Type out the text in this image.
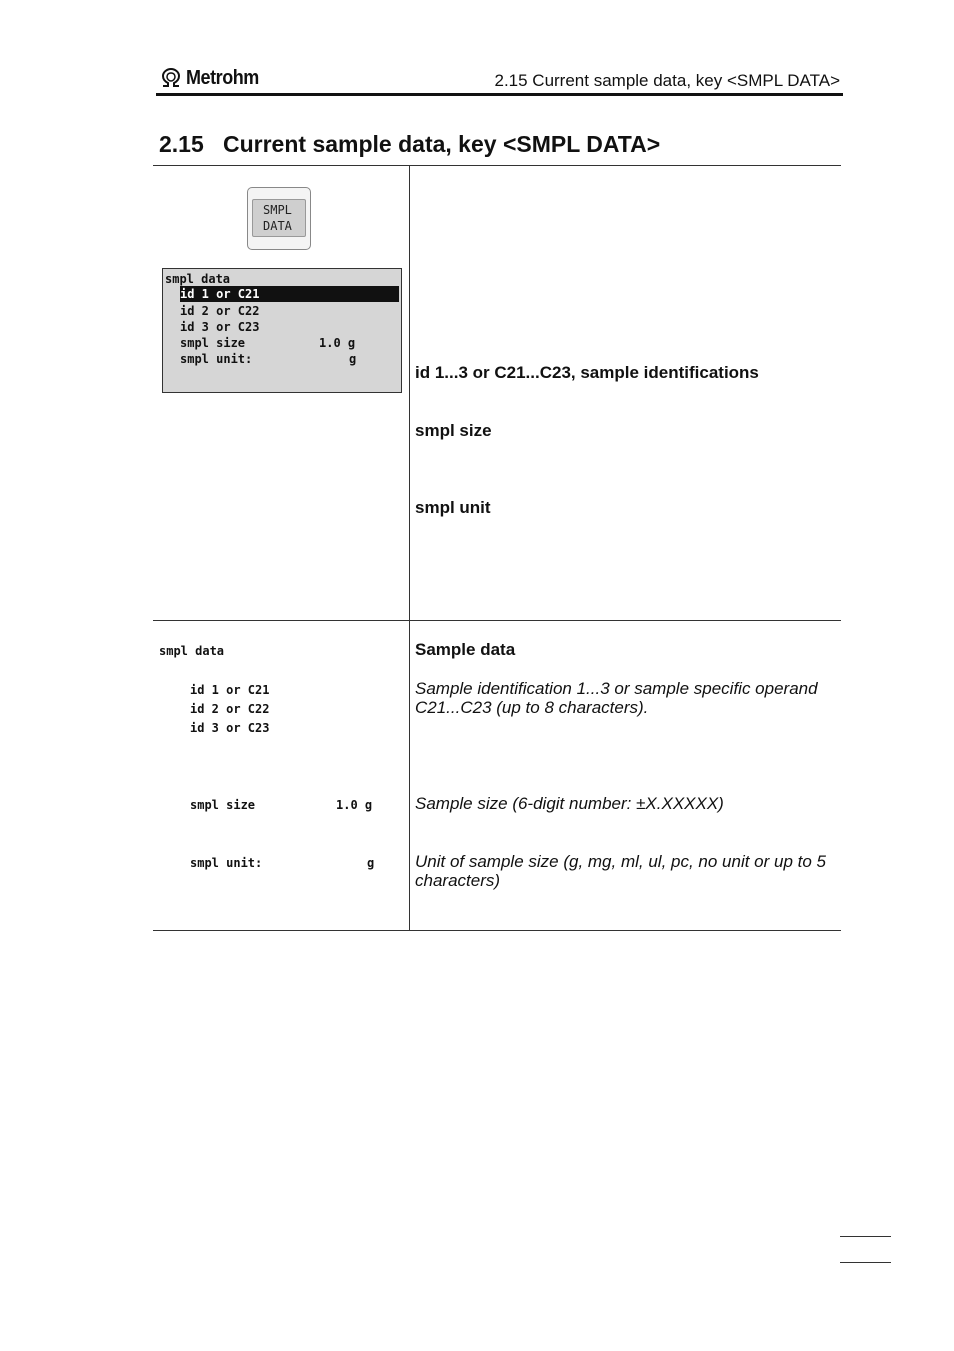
Metrohm	2.15 Current sample data, key <SMPL DATA>
2.15 Current sample data, key <SMPL DATA>
SMPL
DATA
smpl data
id 1 or C21
id 2 or C22
id 3 or C23
smpl size	1.0 g
smpl unit:	g
id 1...3 or C21...C23, sample identifications
smpl size
smpl unit
smpl data
id 1 or C21
id 2 or C22
id 3 or C23
smpl size	1.0 g
smpl unit:	g
Sample data
Sample identification 1...3 or sample specific operand C21...C23 (up to 8 characters).
Sample size (6-digit number: ±X.XXXXX)
Unit of sample size (g, mg, ml, ul, pc, no unit or up to 5 characters)
